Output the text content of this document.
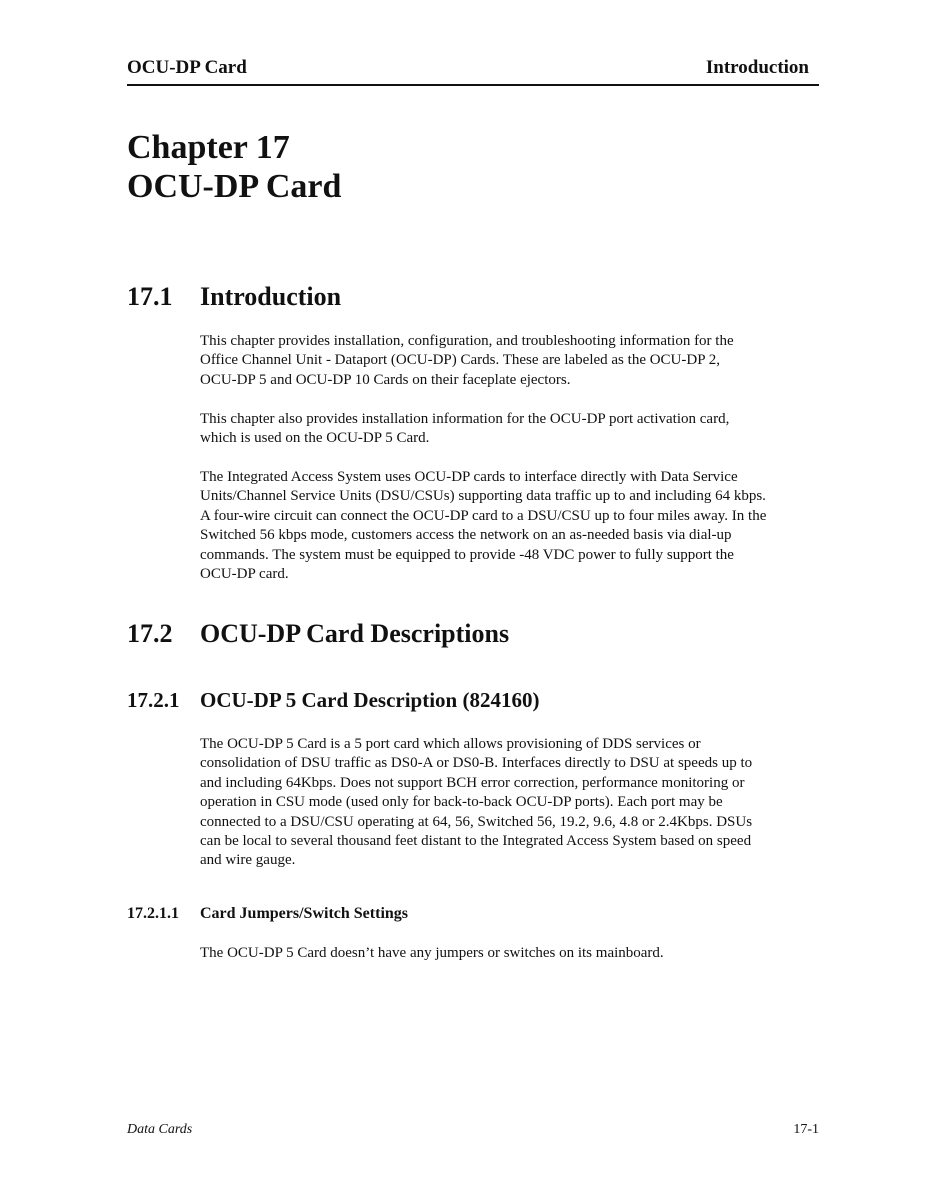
OCU-DP Card	Introduction
Chapter 17
OCU-DP Card
17.1 Introduction
This chapter provides installation, configuration, and troubleshooting information for the
Office Channel Unit - Dataport (OCU-DP) Cards. These are labeled as the OCU-DP 2,
OCU-DP 5 and OCU-DP 10 Cards on their faceplate ejectors.
This chapter also provides installation information for the OCU-DP port activation card,
which is used on the OCU-DP 5 Card.
The Integrated Access System uses OCU-DP cards to interface directly with Data Service
Units/Channel Service Units (DSU/CSUs) supporting data traffic up to and including 64 kbps.
A four-wire circuit can connect the OCU-DP card to a DSU/CSU up to four miles away. In the
Switched 56 kbps mode, customers access the network on an as-needed basis via dial-up
commands. The system must be equipped to provide -48 VDC power to fully support the
OCU-DP card.
17.2 OCU-DP Card Descriptions
17.2.1 OCU-DP 5 Card Description (824160)
The OCU-DP 5 Card is a 5 port card which allows provisioning of DDS services or
consolidation of DSU traffic as DS0-A or DS0-B. Interfaces directly to DSU at speeds up to
and including 64Kbps. Does not support BCH error correction, performance monitoring or
operation in CSU mode (used only for back-to-back OCU-DP ports). Each port may be
connected to a DSU/CSU operating at 64, 56, Switched 56, 19.2, 9.6, 4.8 or 2.4Kbps. DSUs
can be local to several thousand feet distant to the Integrated Access System based on speed
and wire gauge.
17.2.1.1 Card Jumpers/Switch Settings
The OCU-DP 5 Card doesn’t have any jumpers or switches on its mainboard.
Data Cards	17-1
